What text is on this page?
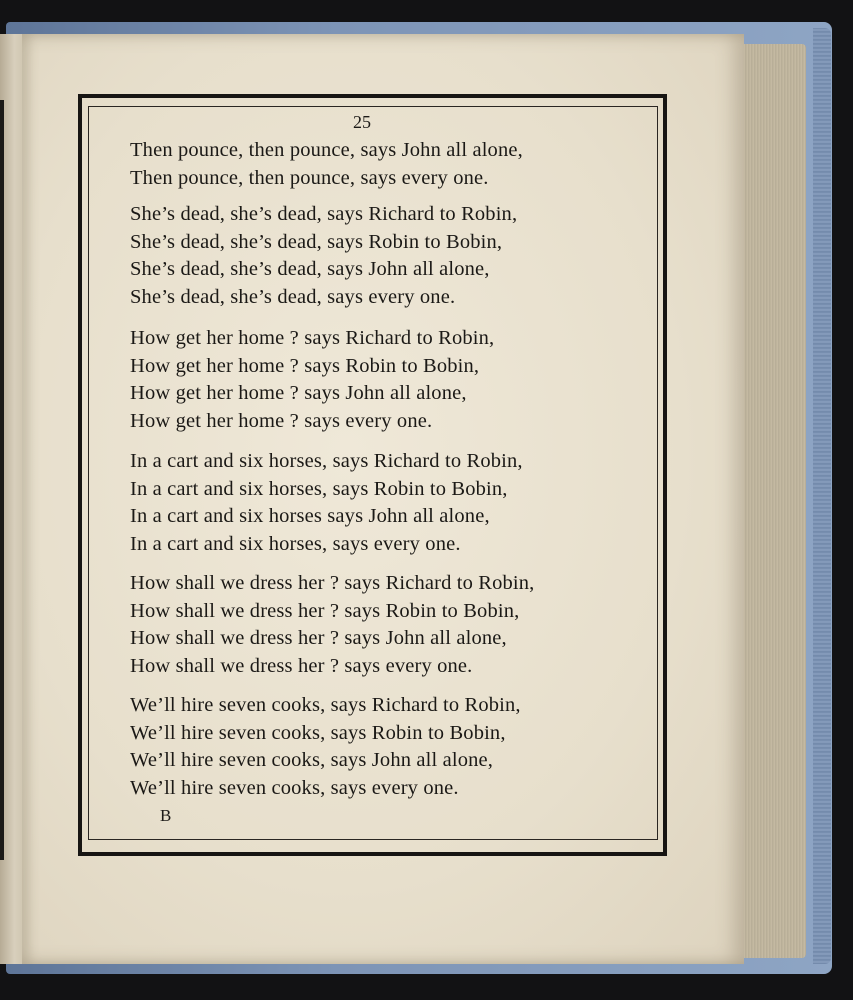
25
Then pounce, then pounce, says John all alone,
Then pounce, then pounce, says every one.
She’s dead, she’s dead, says Richard to Robin,
She’s dead, she’s dead, says Robin to Bobin,
She’s dead, she’s dead, says John all alone,
She’s dead, she’s dead, says every one.
How get her home ? says Richard to Robin,
How get her home ? says Robin to Bobin,
How get her home ? says John all alone,
How get her home ? says every one.
In a cart and six horses, says Richard to Robin,
In a cart and six horses, says Robin to Bobin,
In a cart and six horses says John all alone,
In a cart and six horses, says every one.
How shall we dress her ? says Richard to Robin,
How shall we dress her ? says Robin to Bobin,
How shall we dress her ? says John all alone,
How shall we dress her ? says every one.
We’ll hire seven cooks, says Richard to Robin,
We’ll hire seven cooks, says Robin to Bobin,
We’ll hire seven cooks, says John all alone,
We’ll hire seven cooks, says every one.
B
